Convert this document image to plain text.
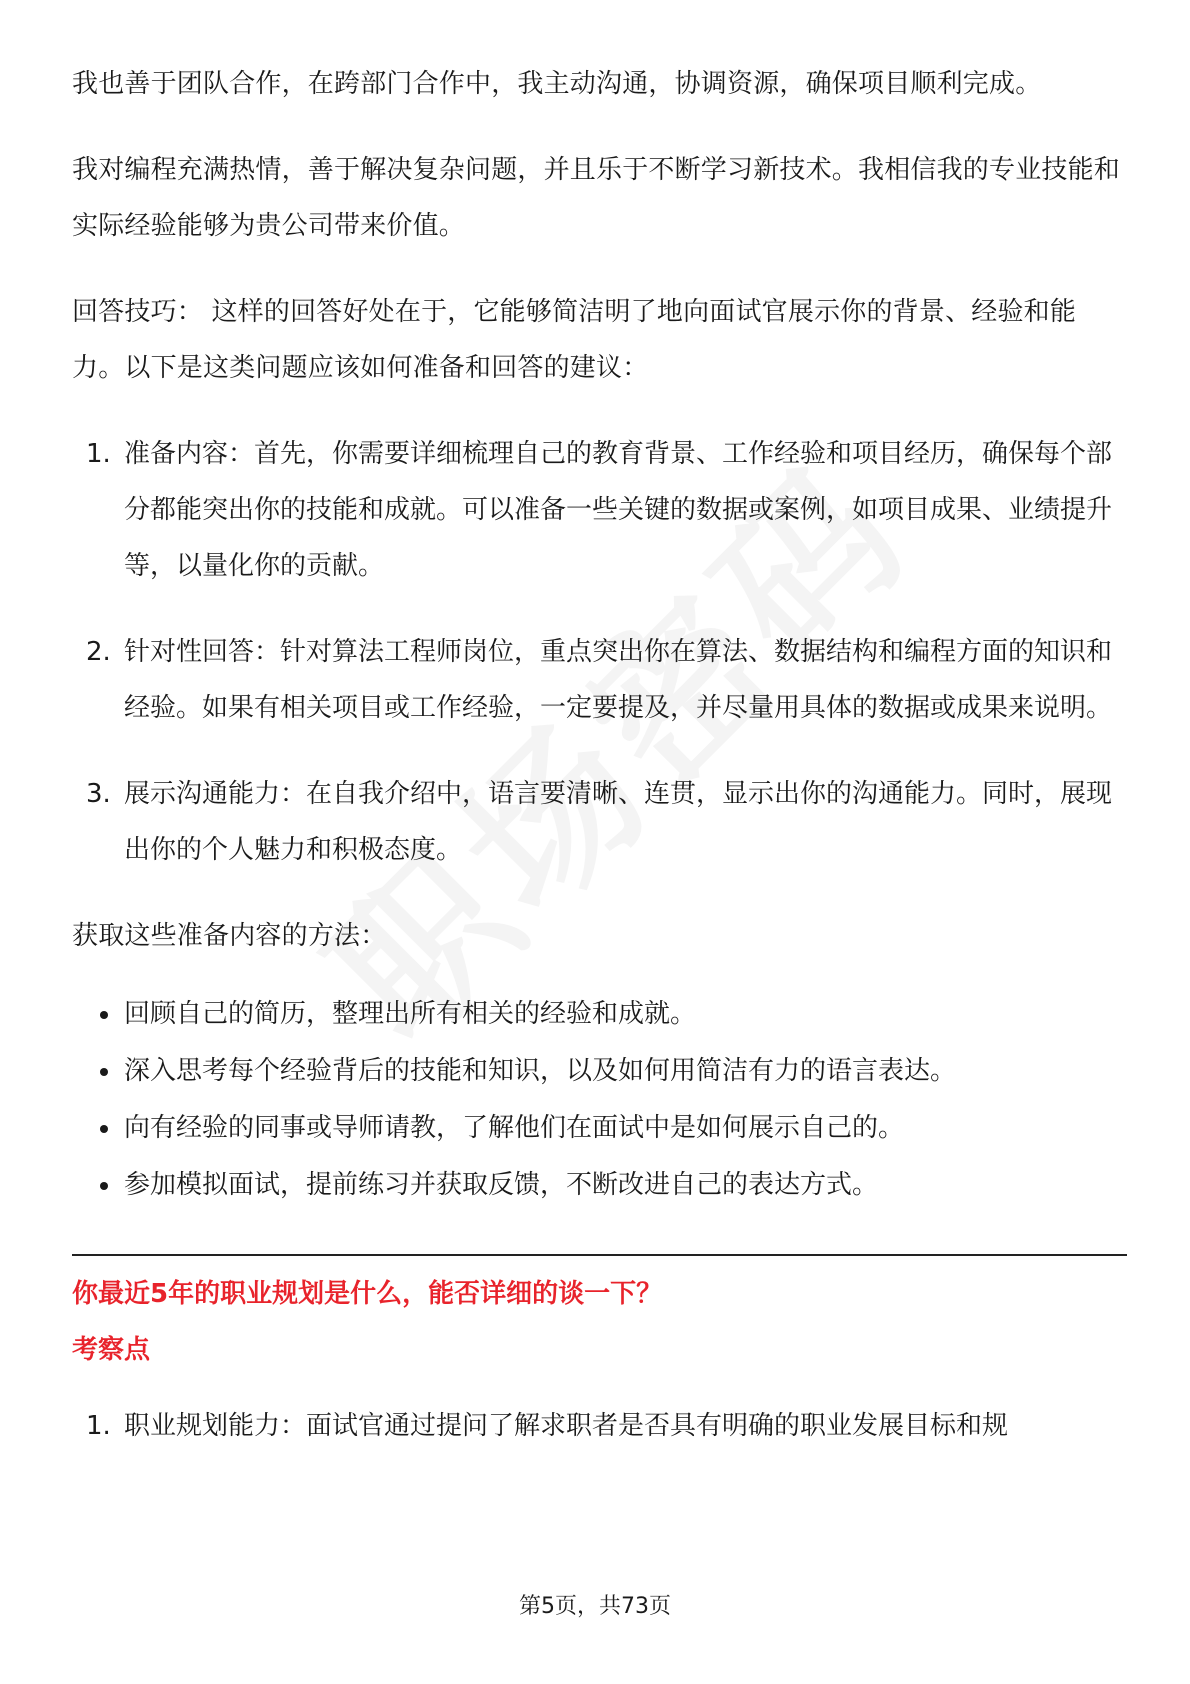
我也善于团队合作，在跨部门合作中，我主动沟通，协调资源，确保项目顺利完成。

我对编程充满热情，善于解决复杂问题，并且乐于不断学习新技术。我相信我的专业技能和实际经验能够为贵公司带来价值。

回答技巧： 这样的回答好处在于，它能够简洁明了地向面试官展示你的背景、经验和能力。以下是这类问题应该如何准备和回答的建议：

1. 准备内容：首先，你需要详细梳理自己的教育背景、工作经验和项目经历，确保每个部分都能突出你的技能和成就。可以准备一些关键的数据或案例，如项目成果、业绩提升等，以量化你的贡献。
2. 针对性回答：针对算法工程师岗位，重点突出你在算法、数据结构和编程方面的知识和经验。如果有相关项目或工作经验，一定要提及，并尽量用具体的数据或成果来说明。
3. 展示沟通能力：在自我介绍中，语言要清晰、连贯，显示出你的沟通能力。同时，展现出你的个人魅力和积极态度。

获取这些准备内容的方法：

回顾自己的简历，整理出所有相关的经验和成就。
深入思考每个经验背后的技能和知识，以及如何用简洁有力的语言表达。
向有经验的同事或导师请教，了解他们在面试中是如何展示自己的。
参加模拟面试，提前练习并获取反馈，不断改进自己的表达方式。
你最近5年的职业规划是什么，能否详细的谈一下？
考察点
1. 职业规划能力：面试官通过提问了解求职者是否具有明确的职业发展目标和规
第5页，共73页
